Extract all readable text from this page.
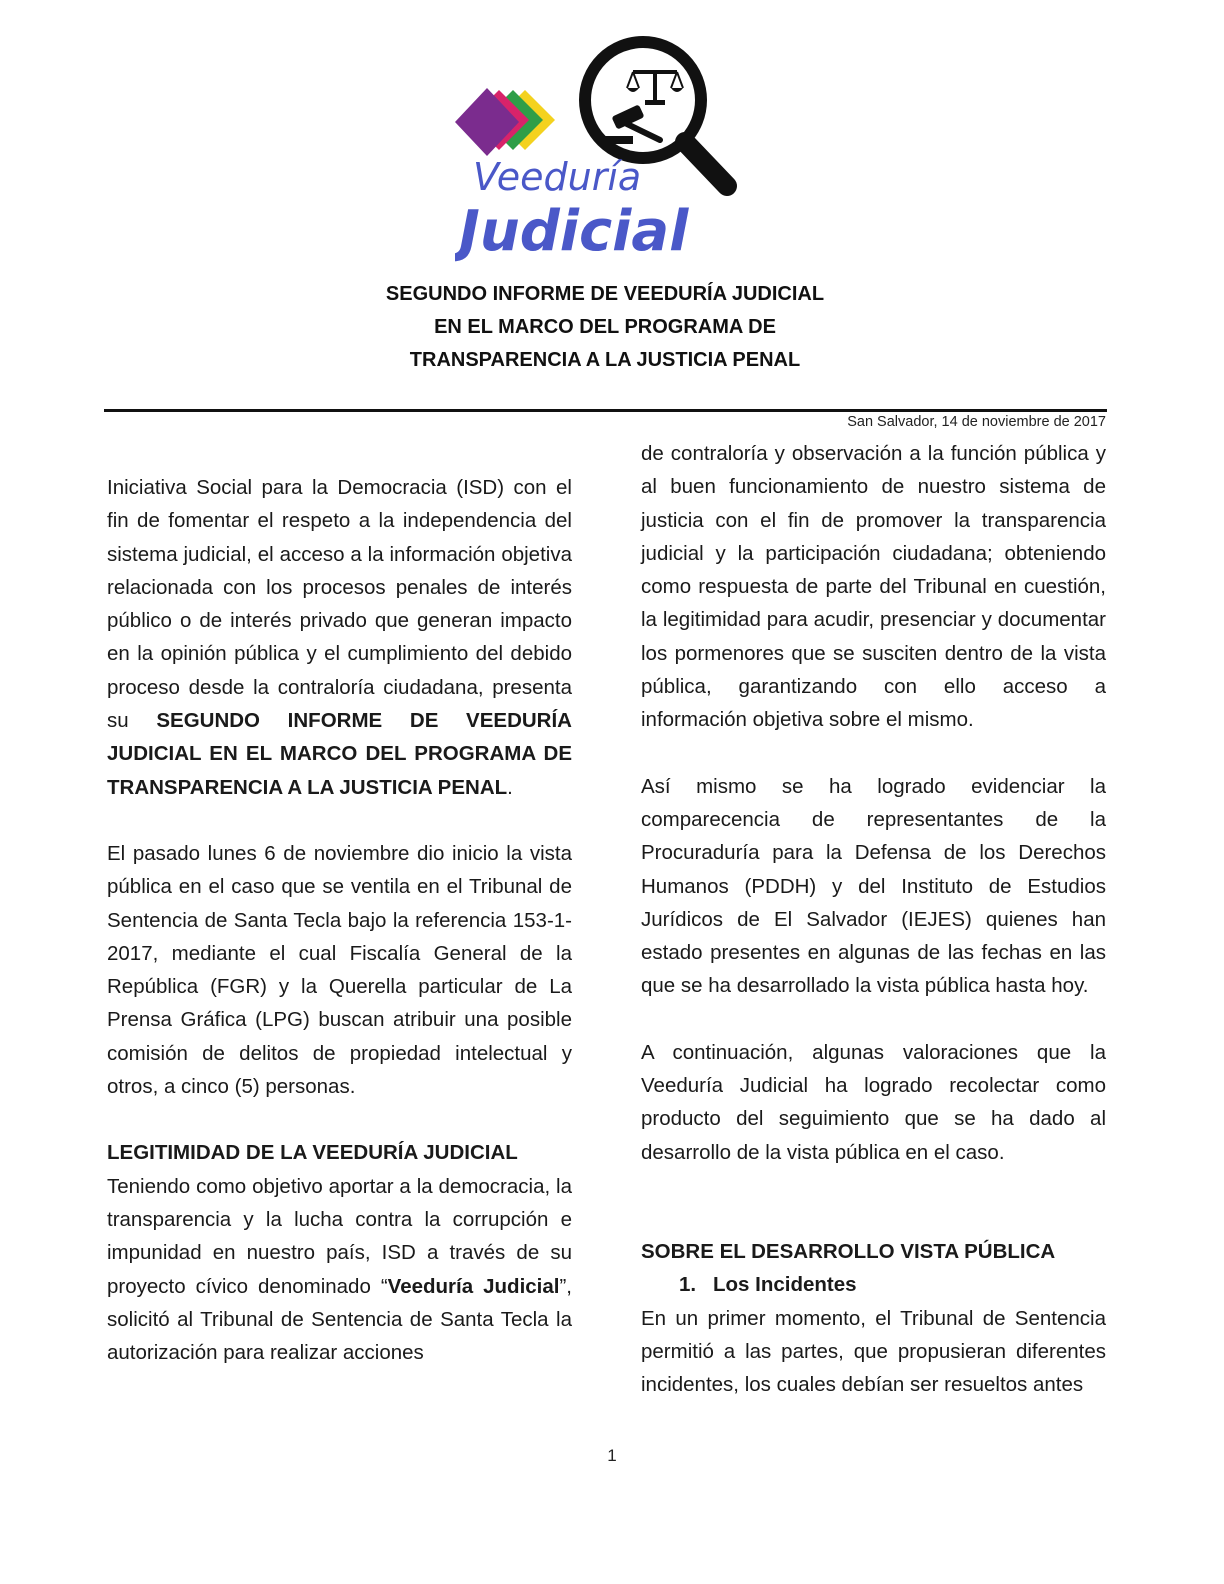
Veeduría
Judicial
SEGUNDO INFORME DE VEEDURÍA JUDICIAL
EN EL MARCO DEL PROGRAMA DE
TRANSPARENCIA A LA JUSTICIA PENAL
San Salvador, 14 de noviembre de 2017

Iniciativa Social para la Democracia (ISD) con el fin de fomentar el respeto a la independencia del sistema judicial, el acceso a la información objetiva relacionada con los procesos penales de interés público o de interés privado que generan impacto en la opinión pública y el cumplimiento del debido proceso desde la contraloría ciudadana, presenta su SEGUNDO INFORME DE VEEDURÍA JUDICIAL EN EL MARCO DEL PROGRAMA DE TRANSPARENCIA A LA JUSTICIA PENAL.

El pasado lunes 6 de noviembre dio inicio la vista pública en el caso que se ventila en el Tribunal de Sentencia de Santa Tecla bajo la referencia 153-1-2017, mediante el cual Fiscalía General de la República (FGR) y la Querella particular de La Prensa Gráfica (LPG) buscan atribuir una posible comisión de delitos de propiedad intelectual y otros, a cinco (5) personas.

LEGITIMIDAD DE LA VEEDURÍA JUDICIAL

Teniendo como objetivo aportar a la democracia, la transparencia y la lucha contra la corrupción e impunidad en nuestro país, ISD a través de su proyecto cívico denominado “Veeduría Judicial”, solicitó al Tribunal de Sentencia de Santa Tecla la autorización para realizar acciones

de contraloría y observación a la función pública y al buen funcionamiento de nuestro sistema de justicia con el fin de promover la transparencia judicial y la participación ciudadana; obteniendo como respuesta de parte del Tribunal en cuestión, la legitimidad para acudir, presenciar y documentar los pormenores que se susciten dentro de la vista pública, garantizando con ello acceso a información objetiva sobre el mismo.

Así mismo se ha logrado evidenciar la comparecencia de representantes de la Procuraduría para la Defensa de los Derechos Humanos (PDDH) y del Instituto de Estudios Jurídicos de El Salvador (IEJES) quienes han estado presentes en algunas de las fechas en las que se ha desarrollado la vista pública hasta hoy.

A continuación, algunas valoraciones que la Veeduría Judicial ha logrado recolectar como producto del seguimiento que se ha dado al desarrollo de la vista pública en el caso.

SOBRE EL DESARROLLO VISTA PÚBLICA

1. Los Incidentes

En un primer momento, el Tribunal de Sentencia permitió a las partes, que propusieran diferentes incidentes, los cuales debían ser resueltos antes

1
